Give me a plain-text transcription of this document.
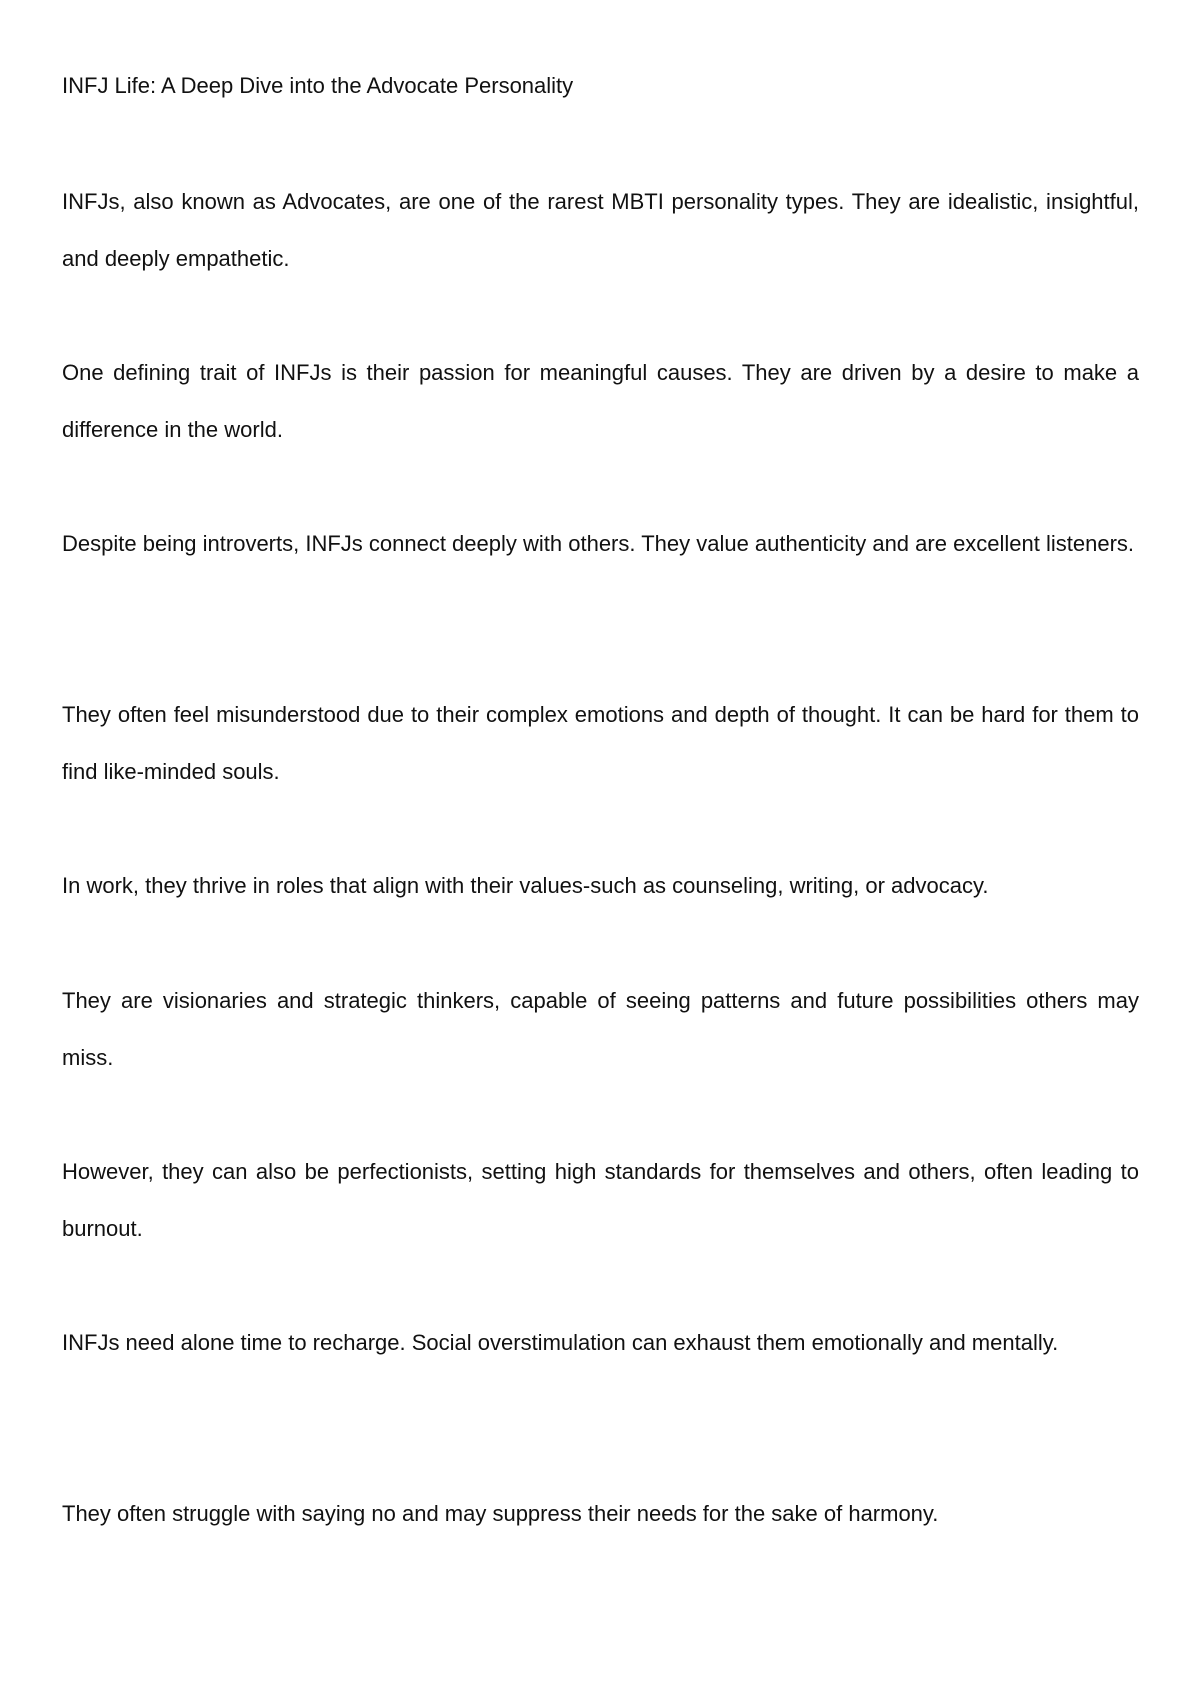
INFJ Life: A Deep Dive into the Advocate Personality

INFJs, also known as Advocates, are one of the rarest MBTI personality types. They are idealistic, insightful, and deeply empathetic.

One defining trait of INFJs is their passion for meaningful causes. They are driven by a desire to make a difference in the world.

Despite being introverts, INFJs connect deeply with others. They value authenticity and are excellent listeners.

They often feel misunderstood due to their complex emotions and depth of thought. It can be hard for them to find like-minded souls.

In work, they thrive in roles that align with their values-such as counseling, writing, or advocacy.

They are visionaries and strategic thinkers, capable of seeing patterns and future possibilities others may miss.

However, they can also be perfectionists, setting high standards for themselves and others, often leading to burnout.

INFJs need alone time to recharge. Social overstimulation can exhaust them emotionally and mentally.

They often struggle with saying no and may suppress their needs for the sake of harmony.
